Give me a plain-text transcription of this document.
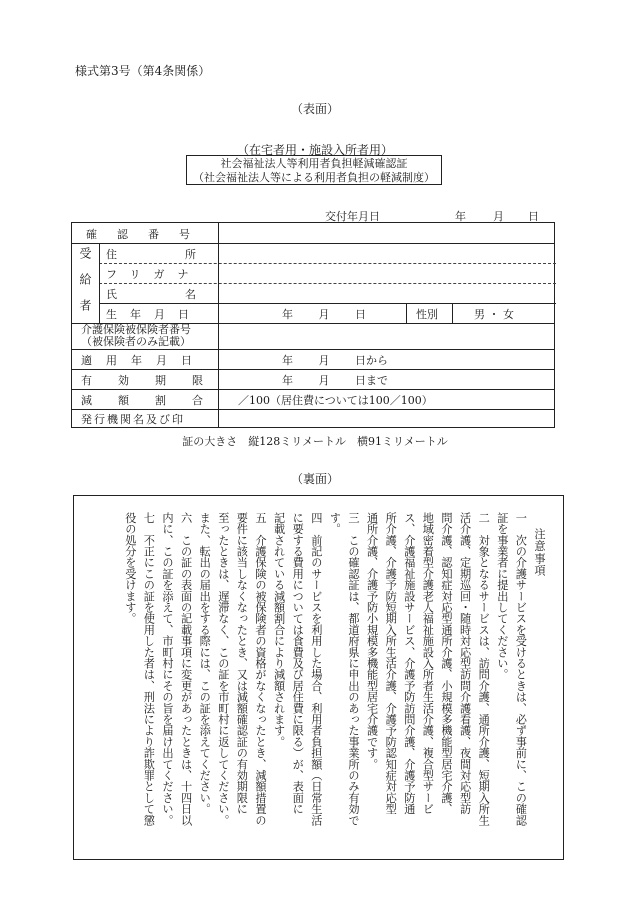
様式第3号（第4条関係）
（表面）
（在宅者用・施設入所者用）
社会福祉法人等利用者負担軽減確認証
（社会福祉法人等による利用者負担の軽減制度）
交付年月日	年 月 日
確認番号
受給者 住所
フリガナ
氏名
生年月日	年 月 日	性別	男 ・ 女
介護保険被保険者番号
（被保険者のみ記載）
適用年月日	年 月 日から
有効期限	年 月 日まで
減額割合 ／100（居住費については100／100）
発行機関名及び印
証の大きさ　縦128ミリメートル　横91ミリメートル
（裏面）
注意事項
一　次の介護サービスを受けるときは、必ず事前に、この確認
証を事業者に提出してください。
二　対象となるサービスは、訪問介護、通所介護、短期入所生
活介護、定期巡回・随時対応型訪問介護看護、夜間対応型訪
問介護、認知症対応型通所介護、小規模多機能型居宅介護、
地域密着型介護老人福祉施設入所者生活介護、複合型サービ
ス、介護福祉施設サービス、介護予防訪問介護、介護予防通
所介護、介護予防短期入所生活介護、介護予防認知症対応型
通所介護、介護予防小規模多機能型居宅介護です。
三　この確認証は、都道府県に申出のあった事業所のみ有効で
す。
四　前記のサービスを利用した場合、利用者負担額（日常生活
に要する費用については食費及び居住費に限る）が、表面に
記載されている減額割合により減額されます。
五　介護保険の被保険者の資格がなくなったとき、減額措置の
要件に該当しなくなったとき、又は減額確認証の有効期限に
至ったときは、遅滞なく、この証を市町村に返してください。
また、転出の届出をする際には、この証を添えてください。
六　この証の表面の記載事項に変更があったときは、十四日以
内に、この証を添えて、市町村にその旨を届け出てください。
七　不正にこの証を使用した者は、刑法により詐欺罪として懲
役の処分を受けます。
